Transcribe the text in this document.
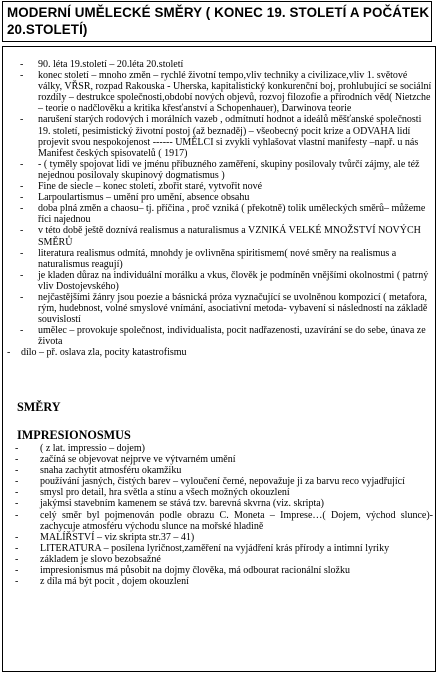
MODERNÍ UMĚLECKÉ SMĚRY ( KONEC 19. STOLETÍ A POČÁTEK 20.STOLETÍ)
- 90. léta 19.století – 20.léta 20.století
- konec století – mnoho změn – rychlé životní tempo,vliv techniky a civilizace,vliv 1. světové války, VŘSR, rozpad Rakouska - Uherska, kapitalistický konkurenční boj, prohlubující se sociální rozdíly – destrukce společnosti,období nových objevů, rozvoj filozofie a přírodních věd( Nietzche – teorie o nadčlověku a kritika křesťanství a Schopenhauer), Darwinova teorie
- narušení starých rodových i morálních vazeb , odmítnutí hodnot a ideálů měšťanské společnosti 19. století, pesimistický životní postoj (až beznaděj) – všeobecný pocit krize a ODVAHA lidí projevit svou nespokojenost ------ UMĚLCI si zvykli vyhlašovat vlastní manifesty –např. u nás Manifest českých spisovatelů ( 1917)
- - ( tyměly spojovat lidi ve jménu příbuzného zaměření, skupiny posilovaly tvůrčí zájmy, ale též nejednou posilovaly skupinový dogmatismus )
- Fine de siecle – konec století, zbořit staré, vytvořit nové
- Larpoulartismus – umění pro umění, absence obsahu
- doba plná změn a chaosu– tj. příčina , proč vzniká ( překotně) tolik uměleckých směrů– můžeme říci najednou
- v této době ještě doznívá realismus a naturalismus a VZNIKÁ VELKÉ MNOŽSTVÍ NOVÝCH SMĚRŮ
- literatura realismus odmítá, mnohdy je ovlivněna spiritismem( nové směry na realismus a naturalismus reagují)
- je kladen důraz na individuální morálku a vkus, člověk je podmíněn vnějšími okolnostmi ( patrný vliv Dostojevského)
- nejčastějšími žánry jsou poezie a básnická próza vyznačující se uvolněnou kompozicí ( metafora, rým, hudebnost, volné smyslové vnímání, asociativní metoda- vybavení si následností na základě souvislostí
- umělec – provokuje společnost, individualista, pocit nadřazenosti, uzavírání se do sebe, únava ze života
- dílo – př. oslava zla, pocity katastrofismu
SMĚRY
IMPRESIONOSMUS
- ( z lat. impressio – dojem)
- začíná se objevovat nejprve ve výtvarném umění
- snaha zachytit atmosféru okamžiku
- používání jasných, čistých barev – vyloučení černé, nepovažuje ji za barvu reco vyjadřující
- smysl pro detail, hra světla a stínu a všech možných okouzlení
- jakýmsi stavebním kamenem se stává tzv. barevná skvrna (viz. skripta)
- celý směr byl pojmenován podle obrazu C. Moneta – Imprese…( Dojem, východ slunce)- zachycuje atmosféru východu slunce na mořské hladině
- MALÍŘSTVÍ – viz skripta str.37 – 41)
- LITERATURA – posílena lyričnost,zaměření na vyjádření krás přírody a intimní lyriky
- základem je slovo bezobsažné
- impresionismus má působit na dojmy člověka, má odbourat racionální složku
- z díla má být pocit , dojem okouzlení
